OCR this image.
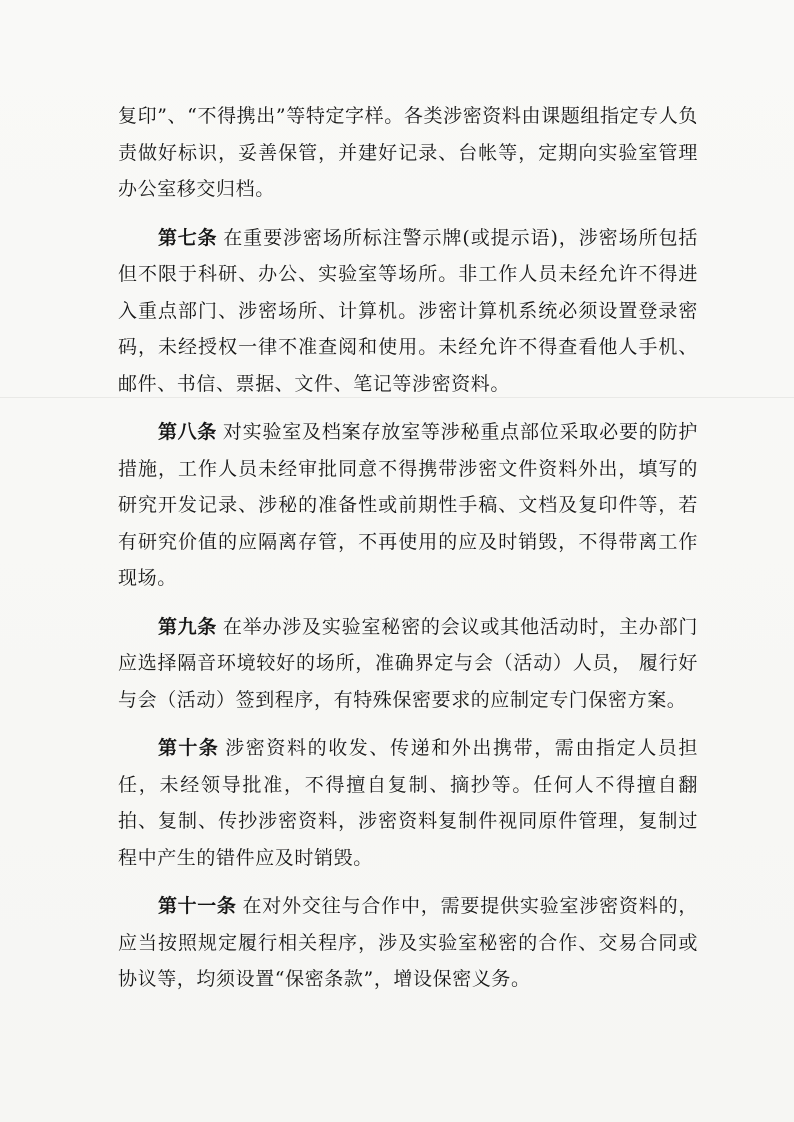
复印”、“不得携出”等特定字样。各类涉密资料由课题组指定专人负责做好标识，妥善保管，并建好记录、台帐等，定期向实验室管理办公室移交归档。

第七条 在重要涉密场所标注警示牌(或提示语)，涉密场所包括但不限于科研、办公、实验室等场所。非工作人员未经允许不得进入重点部门、涉密场所、计算机。涉密计算机系统必须设置登录密码，未经授权一律不准查阅和使用。未经允许不得查看他人手机、邮件、书信、票据、文件、笔记等涉密资料。

第八条 对实验室及档案存放室等涉秘重点部位采取必要的防护措施，工作人员未经审批同意不得携带涉密文件资料外出，填写的研究开发记录、涉秘的准备性或前期性手稿、文档及复印件等，若有研究价值的应隔离存管，不再使用的应及时销毁，不得带离工作现场。

第九条 在举办涉及实验室秘密的会议或其他活动时，主办部门应选择隔音环境较好的场所，准确界定与会（活动）人员， 履行好与会（活动）签到程序，有特殊保密要求的应制定专门保密方案。

第十条 涉密资料的收发、传递和外出携带，需由指定人员担任，未经领导批准，不得擅自复制、摘抄等。任何人不得擅自翻拍、复制、传抄涉密资料，涉密资料复制件视同原件管理，复制过程中产生的错件应及时销毁。

第十一条 在对外交往与合作中，需要提供实验室涉密资料的，应当按照规定履行相关程序，涉及实验室秘密的合作、交易合同或协议等，均须设置“保密条款”，增设保密义务。
